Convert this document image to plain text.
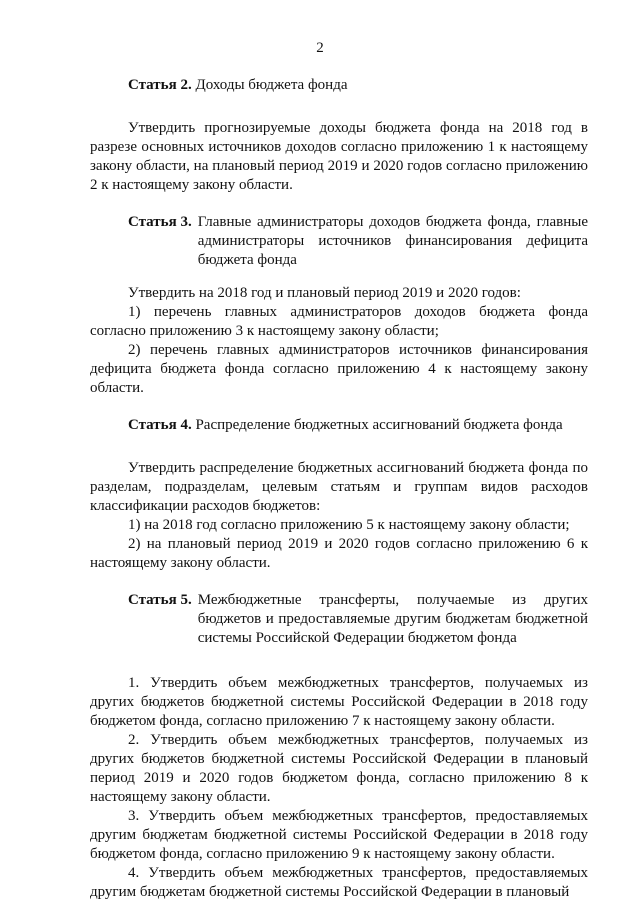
2
Статья 2. Доходы бюджета фонда

Утвердить прогнозируемые доходы бюджета фонда на 2018 год в разрезе основных источников доходов согласно приложению 1 к настоящему закону области, на плановый период 2019 и 2020 годов согласно приложению 2 к настоящему закону области.

Статья 3. Главные администраторы доходов бюджета фонда, главные администраторы источников финансирования дефицита бюджета фонда

Утвердить на 2018 год и плановый период 2019 и 2020 годов:

1) перечень главных администраторов доходов бюджета фонда согласно приложению 3 к настоящему закону области;

2) перечень главных администраторов источников финансирования дефицита бюджета фонда согласно приложению 4 к настоящему закону области.

Статья 4. Распределение бюджетных ассигнований бюджета фонда

Утвердить распределение бюджетных ассигнований бюджета фонда по разделам, подразделам, целевым статьям и группам видов расходов классификации расходов бюджетов:

1) на 2018 год согласно приложению 5 к настоящему закону области;

2) на плановый период 2019 и 2020 годов согласно приложению 6 к настоящему закону области.

Статья 5. Межбюджетные трансферты, получаемые из других бюджетов и предоставляемые другим бюджетам бюджетной системы Российской Федерации бюджетом фонда

1. Утвердить объем межбюджетных трансфертов, получаемых из других бюджетов бюджетной системы Российской Федерации в 2018 году бюджетом фонда, согласно приложению 7 к настоящему закону области.

2. Утвердить объем межбюджетных трансфертов, получаемых из других бюджетов бюджетной системы Российской Федерации в плановый период 2019 и 2020 годов бюджетом фонда, согласно приложению 8 к настоящему закону области.

3. Утвердить объем межбюджетных трансфертов, предоставляемых другим бюджетам бюджетной системы Российской Федерации в 2018 году бюджетом фонда, согласно приложению 9 к настоящему закону области.

4. Утвердить объем межбюджетных трансфертов, предоставляемых другим бюджетам бюджетной системы Российской Федерации в плановый
